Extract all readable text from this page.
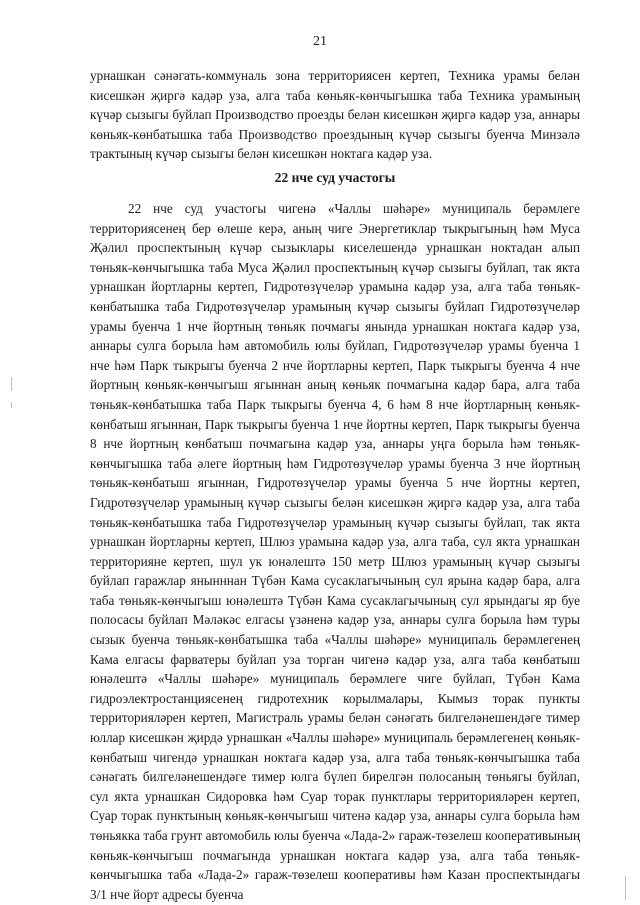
21

урнашкан сәнәгать-коммуналь зона территориясен кертеп, Техника урамы белән кисешкән җиргә кадәр уза, алга таба көньяк-көнчыгышка таба Техника урамының күчәр сызыгы буйлап Производство проезды белән кисешкән җиргә кадәр уза, аннары көньяк-көнбатышка таба Производство проездының күчәр сызыгы буенча Минзәлә трактының күчәр сызыгы белән кисешкән ноктага кадәр уза.

22 нче суд участогы

22 нче суд участогы чигенә «Чаллы шәһәре» муниципаль берәмлеге территориясенең бер өлеше керә, аның чиге Энергетиклар тыкрыгының һәм Муса Җәлил проспектының күчәр сызыклары киселешендә урнашкан ноктадан алып төньяк-көнчыгышка таба Муса Җәлил проспектының күчәр сызыгы буйлап, так якта урнашкан йортларны кертеп, Гидротөзүчеләр урамына кадәр уза, алга таба төньяк-көнбатышка таба Гидротөзүчеләр урамының күчәр сызыгы буйлап Гидротөзүчеләр урамы буенча 1 нче йортның төньяк почмагы янында урнашкан ноктага кадәр уза, аннары сулга борыла һәм автомобиль юлы буйлап, Гидротөзүчеләр урамы буенча 1 нче һәм Парк тыкрыгы буенча 2 нче йортларны кертеп, Парк тыкрыгы буенча 4 нче йортның көньяк-көнчыгыш ягыннан аның көньяк почмагына кадәр бара, алга таба төньяк-көнбатышка таба Парк тыкрыгы буенча 4, 6 һәм 8 нче йортларның көньяк-көнбатыш ягыннан, Парк тыкрыгы буенча 1 нче йортны кертеп, Парк тыкрыгы буенча 8 нче йортның көнбатыш почмагына кадәр уза, аннары уңга борыла һәм төньяк-көнчыгышка таба әлеге йортның һәм Гидротөзүчеләр урамы буенча 3 нче йортның төньяк-көнбатыш ягыннан, Гидротөзүчеләр урамы буенча 5 нче йортны кертеп, Гидротөзүчеләр урамының күчәр сызыгы белән кисешкән җиргә кадәр уза, алга таба төньяк-көнбатышка таба Гидротөзүчеләр урамының күчәр сызыгы буйлап, так якта урнашкан йортларны кертеп, Шлюз урамына кадәр уза, алга таба, сул якта урнашкан территорияне кертеп, шул ук юнәлештә 150 метр Шлюз урамының күчәр сызыгы буйлап гаражлар янынннан Түбән Кама сусаклагычының сул ярына кадәр бара, алга таба төньяк-көнчыгыш юнәлештә Түбән Кама сусаклагычының сул ярындагы яр буе полосасы буйлап Мәләкәс елгасы үзәненә кадәр уза, аннары сулга борыла һәм туры сызык буенча төньяк-көнбатышка таба «Чаллы шәһәре» муниципаль берәмлегенең Кама елгасы фарватеры буйлап уза торган чигенә кадәр уза, алга таба көнбатыш юнәлештә «Чаллы шәһәре» муниципаль берәмлеге чиге буйлап, Түбән Кама гидроэлектростанциясенең гидротехник корылмалары, Кымыз торак пункты территорияләрен кертеп, Магистраль урамы белән сәнәгать билгеләнешендәге тимер юллар кисешкән җирдә урнашкан «Чаллы шәһәре» муниципаль берәмлегенең көньяк-көнбатыш чигендә урнашкан ноктага кадәр уза, алга таба төньяк-көнчыгышка таба сәнәгать билгеләнешендәге тимер юлга бүлеп бирелгән полосаның төньягы буйлап, сул якта урнашкан Сидоровка һәм Суар торак пунктлары территорияләрен кертеп, Суар торак пунктының көньяк-көнчыгыш читенә кадәр уза, аннары сулга борыла һәм төньякка таба грунт автомобиль юлы буенча «Лада-2» гараж-төзелеш кооперативының көньяк-көнчыгыш почмагында урнашкан ноктага кадәр уза, алга таба төньяк-көнчыгышка таба «Лада-2» гараж-төзелеш кооперативы һәм Казан проспектындагы 3/1 нче йорт адресы буенча
